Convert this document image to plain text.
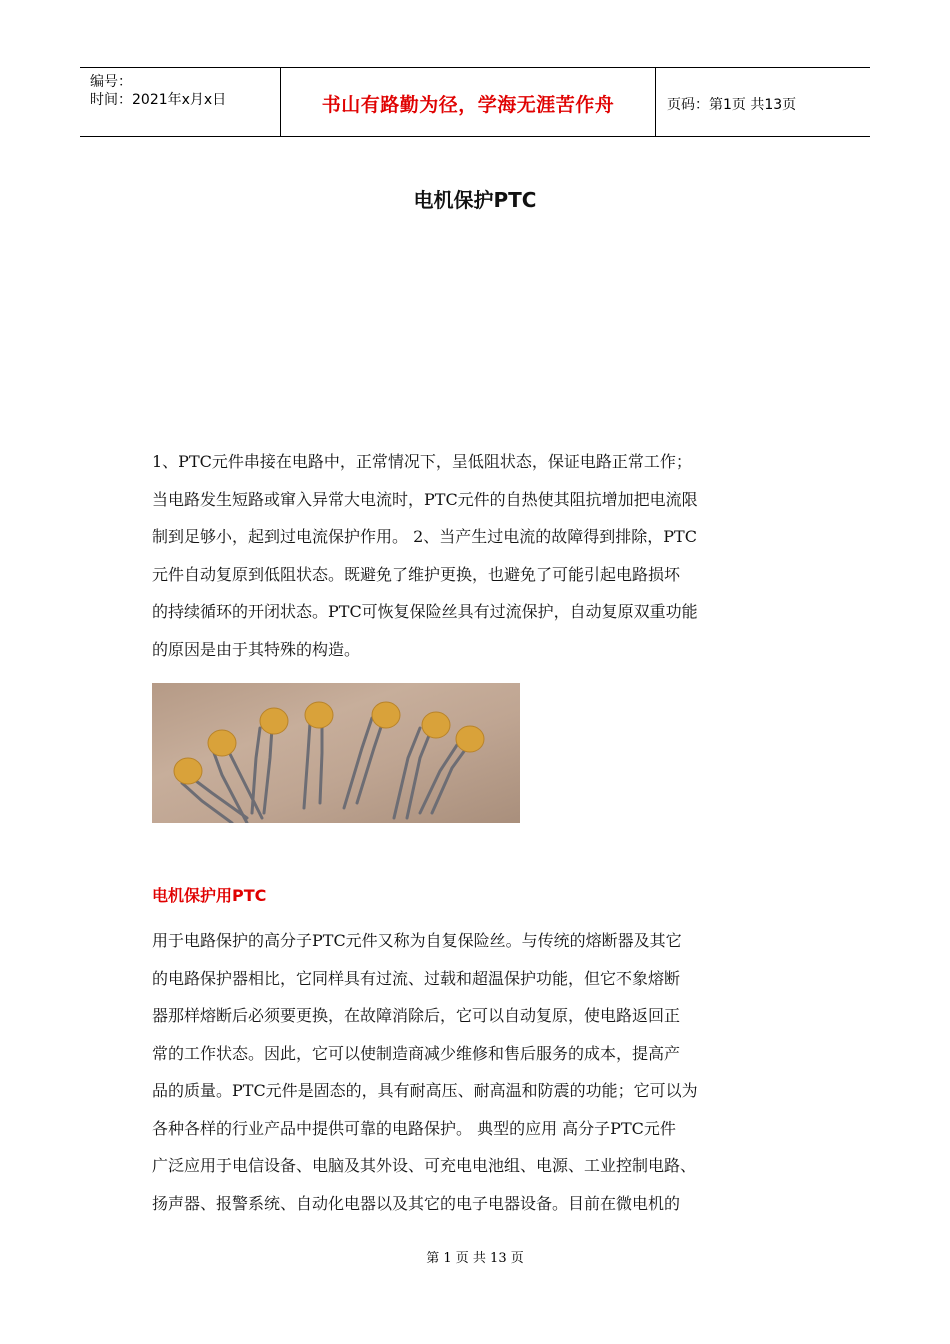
编号：
时间：2021年x月x日	书山有路勤为径，学海无涯苦作舟	页码：第1页 共13页
电机保护PTC
1、PTC元件串接在电路中，正常情况下，呈低阻状态，保证电路正常工作；
当电路发生短路或窜入异常大电流时，PTC元件的自热使其阻抗增加把电流限
制到足够小，起到过电流保护作用。 2、当产生过电流的故障得到排除，PTC
元件自动复原到低阻状态。既避免了维护更换，也避免了可能引起电路损坏
的持续循环的开闭状态。PTC可恢复保险丝具有过流保护，自动复原双重功能
的原因是由于其特殊的构造。
电机保护用PTC
用于电路保护的高分子PTC元件又称为自复保险丝。与传统的熔断器及其它
的电路保护器相比，它同样具有过流、过载和超温保护功能，但它不象熔断
器那样熔断后必须要更换，在故障消除后，它可以自动复原，使电路返回正
常的工作状态。因此，它可以使制造商减少维修和售后服务的成本，提高产
品的质量。PTC元件是固态的，具有耐高压、耐高温和防震的功能；它可以为
各种各样的行业产品中提供可靠的电路保护。 典型的应用 高分子PTC元件
广泛应用于电信设备、电脑及其外设、可充电电池组、电源、工业控制电路、
扬声器、报警系统、自动化电器以及其它的电子电器设备。目前在微电机的
第 1 页 共 13 页
